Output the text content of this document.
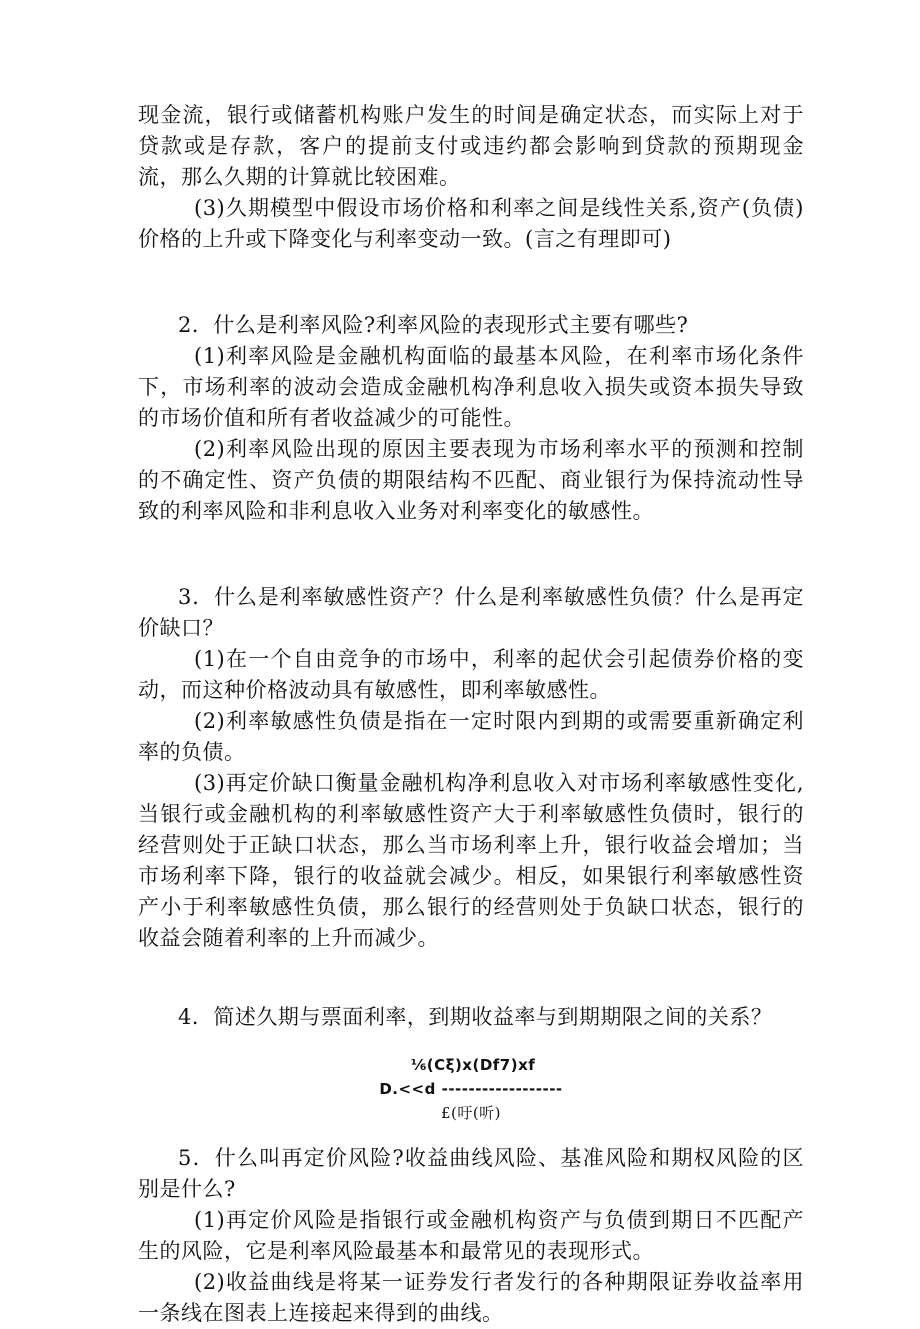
现金流，银行或储蓄机构账户发生的时间是确定状态，而实际上对于贷款或是存款，客户的提前支付或违约都会影响到贷款的预期现金流，那么久期的计算就比较困难。

(3)久期模型中假设市场价格和利率之间是线性关系,资产(负债)价格的上升或下降变化与利率变动一致。(言之有理即可)

2．什么是利率风险?利率风险的表现形式主要有哪些?

(1)利率风险是金融机构面临的最基本风险，在利率市场化条件下，市场利率的波动会造成金融机构净利息收入损失或资本损失导致的市场价值和所有者收益减少的可能性。

(2)利率风险出现的原因主要表现为市场利率水平的预测和控制的不确定性、资产负债的期限结构不匹配、商业银行为保持流动性导致的利率风险和非利息收入业务对利率变化的敏感性。

3．什么是利率敏感性资产？什么是利率敏感性负债？什么是再定价缺口？

(1)在一个自由竞争的市场中，利率的起伏会引起债券价格的变动，而这种价格波动具有敏感性，即利率敏感性。

(2)利率敏感性负债是指在一定时限内到期的或需要重新确定利率的负债。

(3)再定价缺口衡量金融机构净利息收入对市场利率敏感性变化,当银行或金融机构的利率敏感性资产大于利率敏感性负债时，银行的经营则处于正缺口状态，那么当市场利率上升，银行收益会增加；当市场利率下降，银行的收益就会减少。相反，如果银行利率敏感性资产小于利率敏感性负债，那么银行的经营则处于负缺口状态，银行的收益会随着利率的上升而减少。

4．简述久期与票面利率，到期收益率与到期期限之间的关系？

⅙(Cξ)x(Df7)xf
D.<<d ------------------
£(吁(听)

5．什么叫再定价风险?收益曲线风险、基准风险和期权风险的区别是什么?

(1)再定价风险是指银行或金融机构资产与负债到期日不匹配产生的风险，它是利率风险最基本和最常见的表现形式。

(2)收益曲线是将某一证券发行者发行的各种期限证券收益率用一条线在图表上连接起来得到的曲线。
